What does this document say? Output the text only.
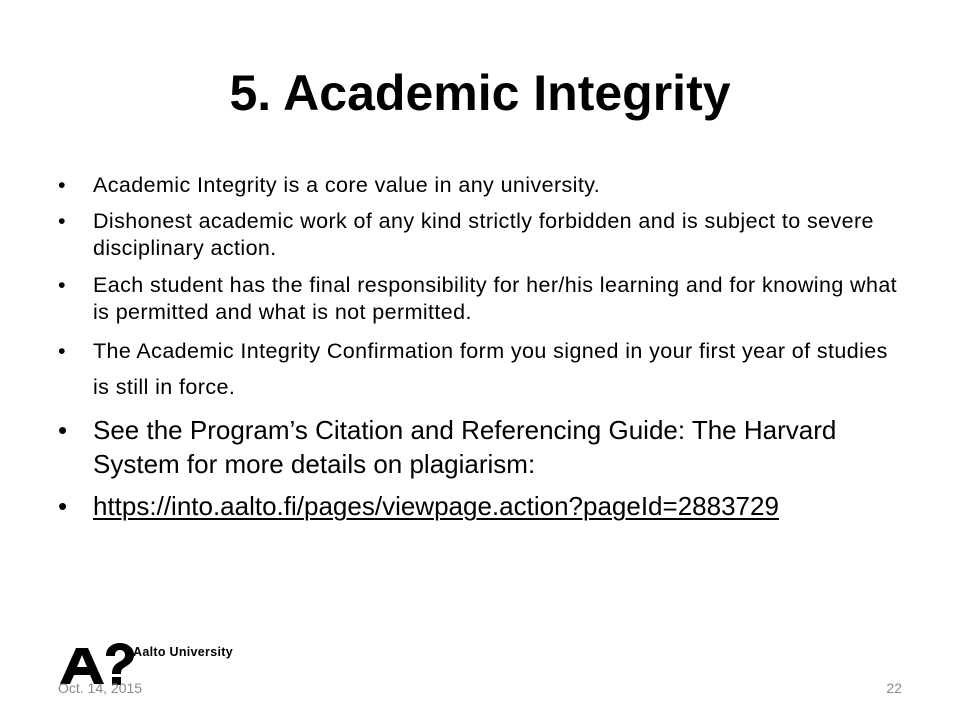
5. Academic Integrity
• Academic Integrity is a core value in any university.
• Dishonest academic work of any kind strictly forbidden and is subject to severe disciplinary action.
• Each student has the final responsibility for her/his learning and for knowing what is permitted and what is not permitted.
• The Academic Integrity Confirmation form you signed in your first year of studies is still in force.
• See the Program’s Citation and Referencing Guide: The Harvard System for more details on plagiarism:
• https://into.aalto.fi/pages/viewpage.action?pageId=2883729
Aalto University
Oct. 14, 2015	22
